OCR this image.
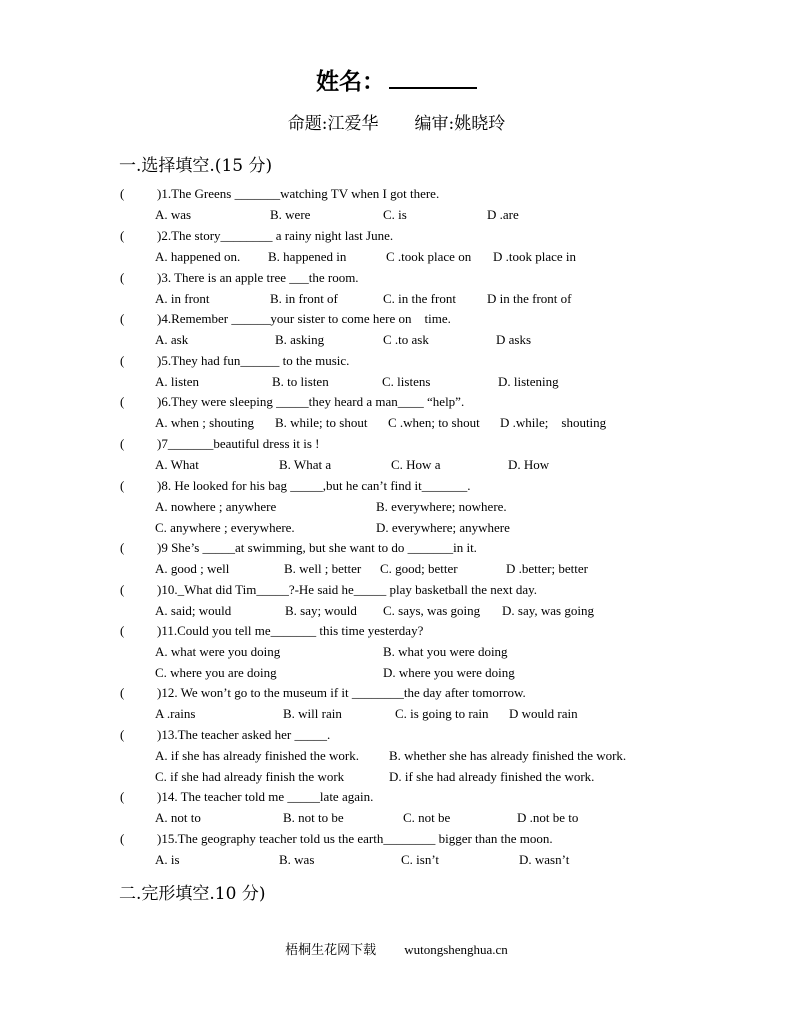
姓名：
命题:江爱华 编审:姚晓玲
一.选择填空.(15 分)
(	)1.The Greens _______watching TV when I got there.
A. was	B. were	C. is	D .are
(	)2.The story________ a rainy night last June.
A. happened on. B. happened in	C .took place on D .took place in
(	)3. There is an apple tree ___the room.
A. in front	B. in front of	C. in the front D in the front of
(	)4.Remember ______your sister to come here on    time.
A. ask	B. asking	C .to ask	D asks
(	)5.They had fun______ to the music.
A. listen	B. to listen	C. listens	D. listening
(	)6.They were sleeping _____they heard a man____ “help”.
A. when ; shouting B. while; to shout C .when; to shout D .while;    shouting
(	)7_______beautiful dress it is !
A. What	B. What a	C. How a	D. How
(	)8. He looked for his bag _____,but he can’t find it_______.
A. nowhere ; anywhere	B. everywhere; nowhere.
C. anywhere ; everywhere.	D. everywhere; anywhere
(	)9 She’s _____at swimming, but she want to do _______in it.
A. good ; well	B. well ; better C. good; better	D .better; better
(	)10._What did Tim_____?-He said he_____ play basketball the next day.
A. said; would	B. say; would C. says, was going D. say, was going
(	)11.Could you tell me_______ this time yesterday?
A. what were you doing	B. what you were doing
C. where you are doing	D. where you were doing
(	)12. We won’t go to the museum if it ________the day after tomorrow.
A .rains	B. will rain	C. is going to rain D would rain
(	)13.The teacher asked her _____.
A. if she has already finished the work. B. whether she has already finished the work.
C. if she had already finish the work	D. if she had already finished the work.
(	)14. The teacher told me _____late again.
A. not to	B. not to be	C. not be	D .not be to
(	)15.The geography teacher told us the earth________ bigger than the moon.
A. is	B. was	C. isn’t	D. wasn’t
二.完形填空.10 分)
梧桐生花网下载 wutongshenghua.cn
